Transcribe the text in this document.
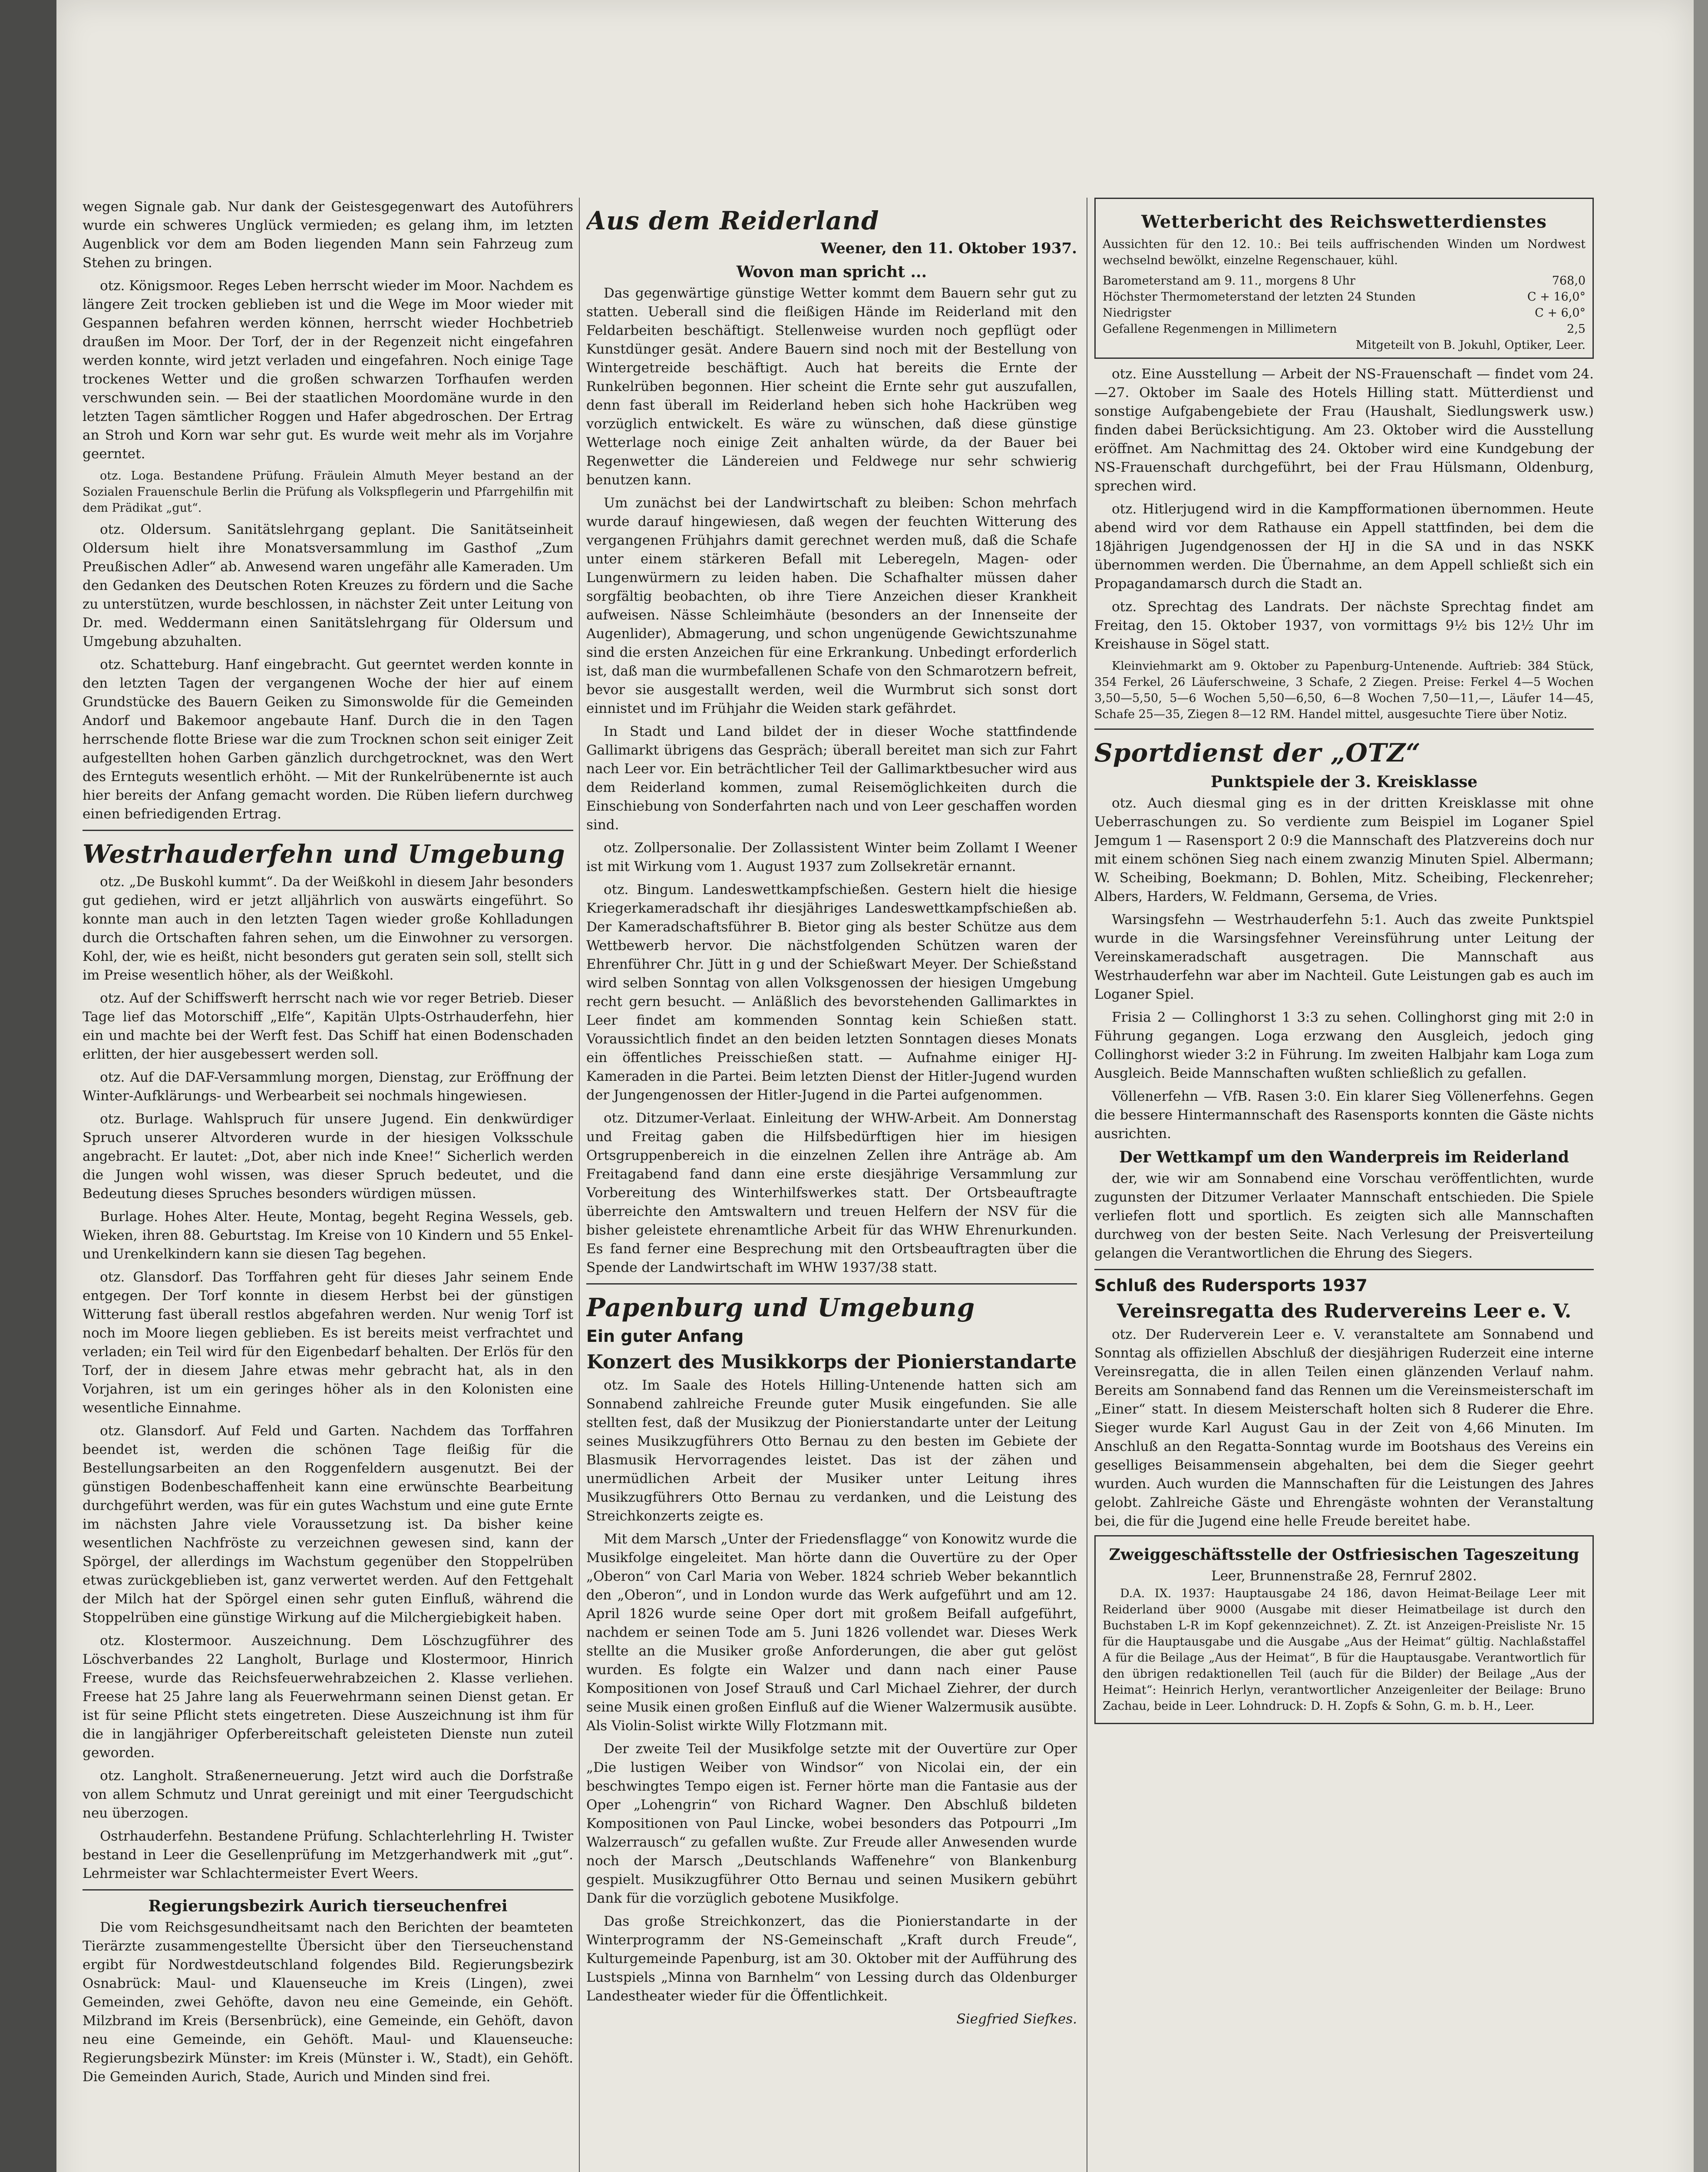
wegen Signale gab. Nur dank der Geistesgegenwart des Autoführers wurde ein schweres Unglück vermieden; es gelang ihm, im letzten Augenblick vor dem am Boden liegenden Mann sein Fahrzeug zum Stehen zu bringen.

otz. Königsmoor. Reges Leben herrscht wieder im Moor. Nachdem es längere Zeit trocken geblieben ist und die Wege im Moor wieder mit Gespannen befahren werden können, herrscht wieder Hochbetrieb draußen im Moor. Der Torf, der in der Regenzeit nicht eingefahren werden konnte, wird jetzt verladen und eingefahren. Noch einige Tage trockenes Wetter und die großen schwarzen Torfhaufen werden verschwunden sein. — Bei der staatlichen Moordomäne wurde in den letzten Tagen sämtlicher Roggen und Hafer abgedroschen. Der Ertrag an Stroh und Korn war sehr gut. Es wurde weit mehr als im Vorjahre geerntet.

otz. Loga. Bestandene Prüfung. Fräulein Almuth Meyer bestand an der Sozialen Frauenschule Berlin die Prüfung als Volkspflegerin und Pfarrgehilfin mit dem Prädikat „gut“.

otz. Oldersum. Sanitätslehrgang geplant. Die Sanitätseinheit Oldersum hielt ihre Monatsversammlung im Gasthof „Zum Preußischen Adler“ ab. Anwesend waren ungefähr alle Kameraden. Um den Gedanken des Deutschen Roten Kreuzes zu fördern und die Sache zu unterstützen, wurde beschlossen, in nächster Zeit unter Leitung von Dr. med. Weddermann einen Sanitätslehrgang für Oldersum und Umgebung abzuhalten.

otz. Schatteburg. Hanf eingebracht. Gut geerntet werden konnte in den letzten Tagen der vergangenen Woche der hier auf einem Grundstücke des Bauern Geiken zu Simonswolde für die Gemeinden Andorf und Bakemoor angebaute Hanf. Durch die in den Tagen herrschende flotte Briese war die zum Trocknen schon seit einiger Zeit aufgestellten hohen Garben gänzlich durchgetrocknet, was den Wert des Ernteguts wesentlich erhöht. — Mit der Runkelrübenernte ist auch hier bereits der Anfang gemacht worden. Die Rüben liefern durchweg einen befriedigenden Ertrag.

Westrhauderfehn und Umgebung

otz. „De Buskohl kummt“. Da der Weißkohl in diesem Jahr besonders gut gediehen, wird er jetzt alljährlich von auswärts eingeführt. So konnte man auch in den letzten Tagen wieder große Kohlladungen durch die Ortschaften fahren sehen, um die Einwohner zu versorgen. Kohl, der, wie es heißt, nicht besonders gut geraten sein soll, stellt sich im Preise wesentlich höher, als der Weißkohl.

otz. Auf der Schiffswerft herrscht nach wie vor reger Betrieb. Dieser Tage lief das Motorschiff „Elfe“, Kapitän Ulpts-Ostrhauderfehn, hier ein und machte bei der Werft fest. Das Schiff hat einen Bodenschaden erlitten, der hier ausgebessert werden soll.

otz. Auf die DAF-Versammlung morgen, Dienstag, zur Eröffnung der Winter-Aufklärungs- und Werbearbeit sei nochmals hingewiesen.

otz. Burlage. Wahlspruch für unsere Jugend. Ein denkwürdiger Spruch unserer Altvorderen wurde in der hiesigen Volksschule angebracht. Er lautet: „Dot, aber nich inde Knee!“ Sicherlich werden die Jungen wohl wissen, was dieser Spruch bedeutet, und die Bedeutung dieses Spruches besonders würdigen müssen.

Burlage. Hohes Alter. Heute, Montag, begeht Regina Wessels, geb. Wieken, ihren 88. Geburtstag. Im Kreise von 10 Kindern und 55 Enkel- und Urenkelkindern kann sie diesen Tag begehen.

otz. Glansdorf. Das Torffahren geht für dieses Jahr seinem Ende entgegen. Der Torf konnte in diesem Herbst bei der günstigen Witterung fast überall restlos abgefahren werden. Nur wenig Torf ist noch im Moore liegen geblieben. Es ist bereits meist verfrachtet und verladen; ein Teil wird für den Eigenbedarf behalten. Der Erlös für den Torf, der in diesem Jahre etwas mehr gebracht hat, als in den Vorjahren, ist um ein geringes höher als in den Kolonisten eine wesentliche Einnahme.

otz. Glansdorf. Auf Feld und Garten. Nachdem das Torffahren beendet ist, werden die schönen Tage fleißig für die Bestellungsarbeiten an den Roggenfeldern ausgenutzt. Bei der günstigen Bodenbeschaffenheit kann eine erwünschte Bearbeitung durchgeführt werden, was für ein gutes Wachstum und eine gute Ernte im nächsten Jahre viele Voraussetzung ist. Da bisher keine wesentlichen Nachfröste zu verzeichnen gewesen sind, kann der Spörgel, der allerdings im Wachstum gegenüber den Stoppelrüben etwas zurückgeblieben ist, ganz verwertet werden. Auf den Fettgehalt der Milch hat der Spörgel einen sehr guten Einfluß, während die Stoppelrüben eine günstige Wirkung auf die Milchergiebigkeit haben.

otz. Klostermoor. Auszeichnung. Dem Löschzugführer des Löschverbandes 22 Langholt, Burlage und Klostermoor, Hinrich Freese, wurde das Reichsfeuerwehrabzeichen 2. Klasse verliehen. Freese hat 25 Jahre lang als Feuerwehrmann seinen Dienst getan. Er ist für seine Pflicht stets eingetreten. Diese Auszeichnung ist ihm für die in langjähriger Opferbereitschaft geleisteten Dienste nun zuteil geworden.

otz. Langholt. Straßenerneuerung. Jetzt wird auch die Dorfstraße von allem Schmutz und Unrat gereinigt und mit einer Teergudschicht neu überzogen.

Ostrhauderfehn. Bestandene Prüfung. Schlachterlehrling H. Twister bestand in Leer die Gesellenprüfung im Metzgerhandwerk mit „gut“. Lehrmeister war Schlachtermeister Evert Weers.

Regierungsbezirk Aurich tierseuchenfrei

Die vom Reichsgesundheitsamt nach den Berichten der beamteten Tierärzte zusammengestellte Übersicht über den Tierseuchenstand ergibt für Nordwestdeutschland folgendes Bild. Regierungsbezirk Osnabrück: Maul- und Klauenseuche im Kreis (Lingen), zwei Gemeinden, zwei Gehöfte, davon neu eine Gemeinde, ein Gehöft. Milzbrand im Kreis (Bersenbrück), eine Gemeinde, ein Gehöft, davon neu eine Gemeinde, ein Gehöft. Maul- und Klauenseuche: Regierungsbezirk Münster: im Kreis (Münster i. W., Stadt), ein Gehöft. Die Gemeinden Aurich, Stade, Aurich und Minden sind frei.

Aus dem Reiderland
Weener, den 11. Oktober 1937.
Wovon man spricht ...

Das gegenwärtige günstige Wetter kommt dem Bauern sehr gut zu statten. Ueberall sind die fleißigen Hände im Reiderland mit den Feldarbeiten beschäftigt. Stellenweise wurden noch gepflügt oder Kunstdünger gesät. Andere Bauern sind noch mit der Bestellung von Wintergetreide beschäftigt. Auch hat bereits die Ernte der Runkelrüben begonnen. Hier scheint die Ernte sehr gut auszufallen, denn fast überall im Reiderland heben sich hohe Hackrüben weg vorzüglich entwickelt. Es wäre zu wünschen, daß diese günstige Wetterlage noch einige Zeit anhalten würde, da der Bauer bei Regenwetter die Ländereien und Feldwege nur sehr schwierig benutzen kann.

Um zunächst bei der Landwirtschaft zu bleiben: Schon mehrfach wurde darauf hingewiesen, daß wegen der feuchten Witterung des vergangenen Frühjahrs damit gerechnet werden muß, daß die Schafe unter einem stärkeren Befall mit Leberegeln, Magen- oder Lungenwürmern zu leiden haben. Die Schafhalter müssen daher sorgfältig beobachten, ob ihre Tiere Anzeichen dieser Krankheit aufweisen. Nässe Schleimhäute (besonders an der Innenseite der Augenlider), Abmagerung, und schon ungenügende Gewichtszunahme sind die ersten Anzeichen für eine Erkrankung. Unbedingt erforderlich ist, daß man die wurmbefallenen Schafe von den Schmarotzern befreit, bevor sie ausgestallt werden, weil die Wurmbrut sich sonst dort einnistet und im Frühjahr die Weiden stark gefährdet.

In Stadt und Land bildet der in dieser Woche stattfindende Gallimarkt übrigens das Gespräch; überall bereitet man sich zur Fahrt nach Leer vor. Ein beträchtlicher Teil der Gallimarktbesucher wird aus dem Reiderland kommen, zumal Reisemöglichkeiten durch die Einschiebung von Sonderfahrten nach und von Leer geschaffen worden sind.

otz. Zollpersonalie. Der Zollassistent Winter beim Zollamt I Weener ist mit Wirkung vom 1. August 1937 zum Zollsekretär ernannt.

otz. Bingum. Landeswettkampfschießen. Gestern hielt die hiesige Kriegerkameradschaft ihr diesjähriges Landeswettkampfschießen ab. Der Kameradschaftsführer B. Bietor ging als bester Schütze aus dem Wettbewerb hervor. Die nächstfolgenden Schützen waren der Ehrenführer Chr. Jütt in g und der Schießwart Meyer. Der Schießstand wird selben Sonntag von allen Volksgenossen der hiesigen Umgebung recht gern besucht. — Anläßlich des bevorstehenden Gallimarktes in Leer findet am kommenden Sonntag kein Schießen statt. Voraussichtlich findet an den beiden letzten Sonntagen dieses Monats ein öffentliches Preisschießen statt. — Aufnahme einiger HJ-Kameraden in die Partei. Beim letzten Dienst der Hitler-Jugend wurden der Jungengenossen der Hitler-Jugend in die Partei aufgenommen.

otz. Ditzumer-Verlaat. Einleitung der WHW-Arbeit. Am Donnerstag und Freitag gaben die Hilfsbedürftigen hier im hiesigen Ortsgruppenbereich in die einzelnen Zellen ihre Anträge ab. Am Freitagabend fand dann eine erste diesjährige Versammlung zur Vorbereitung des Winterhilfswerkes statt. Der Ortsbeauftragte überreichte den Amtswaltern und treuen Helfern der NSV für die bisher geleistete ehrenamtliche Arbeit für das WHW Ehrenurkunden. Es fand ferner eine Besprechung mit den Ortsbeauftragten über die Spende der Landwirtschaft im WHW 1937/38 statt.

Papenburg und Umgebung
Ein guter Anfang
Konzert des Musikkorps der Pionierstandarte

otz. Im Saale des Hotels Hilling-Untenende hatten sich am Sonnabend zahlreiche Freunde guter Musik eingefunden. Sie alle stellten fest, daß der Musikzug der Pionierstandarte unter der Leitung seines Musikzugführers Otto Bernau zu den besten im Gebiete der Blasmusik Hervorragendes leistet. Das ist der zähen und unermüdlichen Arbeit der Musiker unter Leitung ihres Musikzugführers Otto Bernau zu verdanken, und die Leistung des Streichkonzerts zeigte es.

Mit dem Marsch „Unter der Friedensflagge“ von Konowitz wurde die Musikfolge eingeleitet. Man hörte dann die Ouvertüre zu der Oper „Oberon“ von Carl Maria von Weber. 1824 schrieb Weber bekanntlich den „Oberon“, und in London wurde das Werk aufgeführt und am 12. April 1826 wurde seine Oper dort mit großem Beifall aufgeführt, nachdem er seinen Tode am 5. Juni 1826 vollendet war. Dieses Werk stellte an die Musiker große Anforderungen, die aber gut gelöst wurden. Es folgte ein Walzer und dann nach einer Pause Kompositionen von Josef Strauß und Carl Michael Ziehrer, der durch seine Musik einen großen Einfluß auf die Wiener Walzermusik ausübte. Als Violin-Solist wirkte Willy Flotzmann mit.

Der zweite Teil der Musikfolge setzte mit der Ouvertüre zur Oper „Die lustigen Weiber von Windsor“ von Nicolai ein, der ein beschwingtes Tempo eigen ist. Ferner hörte man die Fantasie aus der Oper „Lohengrin“ von Richard Wagner. Den Abschluß bildeten Kompositionen von Paul Lincke, wobei besonders das Potpourri „Im Walzerrausch“ zu gefallen wußte. Zur Freude aller Anwesenden wurde noch der Marsch „Deutschlands Waffenehre“ von Blankenburg gespielt. Musikzugführer Otto Bernau und seinen Musikern gebührt Dank für die vorzüglich gebotene Musikfolge.

Das große Streichkonzert, das die Pionierstandarte in der Winterprogramm der NS-Gemeinschaft „Kraft durch Freude“, Kulturgemeinde Papenburg, ist am 30. Oktober mit der Aufführung des Lustspiels „Minna von Barnhelm“ von Lessing durch das Oldenburger Landestheater wieder für die Öffentlichkeit.

Siegfried Siefkes.
Wetterbericht des Reichswetterdienstes

Aussichten für den 12. 10.: Bei teils auffrischenden Winden um Nordwest wechselnd bewölkt, einzelne Regenschauer, kühl.

Barometerstand am 9. 11., morgens 8 Uhr	768,0
Höchster Thermometerstand der letzten 24 Stunden	C + 16,0°
Niedrigster	C + 6,0°
Gefallene Regenmengen in Millimetern	2,5
Mitgeteilt von B. Jokuhl, Optiker, Leer.

otz. Eine Ausstellung — Arbeit der NS-Frauenschaft — findet vom 24.—27. Oktober im Saale des Hotels Hilling statt. Mütterdienst und sonstige Aufgabengebiete der Frau (Haushalt, Siedlungswerk usw.) finden dabei Berücksichtigung. Am 23. Oktober wird die Ausstellung eröffnet. Am Nachmittag des 24. Oktober wird eine Kundgebung der NS-Frauenschaft durchgeführt, bei der Frau Hülsmann, Oldenburg, sprechen wird.

otz. Hitlerjugend wird in die Kampfformationen übernommen. Heute abend wird vor dem Rathause ein Appell stattfinden, bei dem die 18jährigen Jugendgenossen der HJ in die SA und in das NSKK übernommen werden. Die Übernahme, an dem Appell schließt sich ein Propagandamarsch durch die Stadt an.

otz. Sprechtag des Landrats. Der nächste Sprechtag findet am Freitag, den 15. Oktober 1937, von vormittags 9½ bis 12½ Uhr im Kreishause in Sögel statt.

Kleinviehmarkt am 9. Oktober zu Papenburg-Untenende. Auftrieb: 384 Stück, 354 Ferkel, 26 Läuferschweine, 3 Schafe, 2 Ziegen. Preise: Ferkel 4—5 Wochen 3,50—5,50, 5—6 Wochen 5,50—6,50, 6—8 Wochen 7,50—11,—, Läufer 14—45, Schafe 25—35, Ziegen 8—12 RM. Handel mittel, ausgesuchte Tiere über Notiz.

Sportdienst der „OTZ“
Punktspiele der 3. Kreisklasse

otz. Auch diesmal ging es in der dritten Kreisklasse mit ohne Ueberraschungen zu. So verdiente zum Beispiel im Loganer Spiel Jemgum 1 — Rasensport 2 0:9 die Mannschaft des Platzvereins doch nur mit einem schönen Sieg nach einem zwanzig Minuten Spiel. Albermann; W. Scheibing, Boekmann; D. Bohlen, Mitz. Scheibing, Fleckenreher; Albers, Harders, W. Feldmann, Gersema, de Vries.

Warsingsfehn — Westrhauderfehn 5:1. Auch das zweite Punktspiel wurde in die Warsingsfehner Vereinsführung unter Leitung der Vereinskameradschaft ausgetragen. Die Mannschaft aus Westrhauderfehn war aber im Nachteil. Gute Leistungen gab es auch im Loganer Spiel.

Frisia 2 — Collinghorst 1 3:3 zu sehen. Collinghorst ging mit 2:0 in Führung gegangen. Loga erzwang den Ausgleich, jedoch ging Collinghorst wieder 3:2 in Führung. Im zweiten Halbjahr kam Loga zum Ausgleich. Beide Mannschaften wußten schließlich zu gefallen.

Völlenerfehn — VfB. Rasen 3:0. Ein klarer Sieg Völlenerfehns. Gegen die bessere Hintermannschaft des Rasensports konnten die Gäste nichts ausrichten.

Der Wettkampf um den Wanderpreis im Reiderland

der, wie wir am Sonnabend eine Vorschau veröffentlichten, wurde zugunsten der Ditzumer Verlaater Mannschaft entschieden. Die Spiele verliefen flott und sportlich. Es zeigten sich alle Mannschaften durchweg von der besten Seite. Nach Verlesung der Preisverteilung gelangen die Verantwortlichen die Ehrung des Siegers.

Schluß des Rudersports 1937
Vereinsregatta des Rudervereins Leer e. V.

otz. Der Ruderverein Leer e. V. veranstaltete am Sonnabend und Sonntag als offiziellen Abschluß der diesjährigen Ruderzeit eine interne Vereinsregatta, die in allen Teilen einen glänzenden Verlauf nahm. Bereits am Sonnabend fand das Rennen um die Vereinsmeisterschaft im „Einer“ statt. In diesem Meisterschaft holten sich 8 Ruderer die Ehre. Sieger wurde Karl August Gau in der Zeit von 4,66 Minuten. Im Anschluß an den Regatta-Sonntag wurde im Bootshaus des Vereins ein geselliges Beisammensein abgehalten, bei dem die Sieger geehrt wurden. Auch wurden die Mannschaften für die Leistungen des Jahres gelobt. Zahlreiche Gäste und Ehrengäste wohnten der Veranstaltung bei, die für die Jugend eine helle Freude bereitet habe.

Zweiggeschäftsstelle der Ostfriesischen Tageszeitung
Leer, Brunnenstraße 28, Fernruf 2802.

D.A. IX. 1937: Hauptausgabe 24 186, davon Heimat-Beilage Leer mit Reiderland über 9000 (Ausgabe mit dieser Heimatbeilage ist durch den Buchstaben L-R im Kopf gekennzeichnet). Z. Zt. ist Anzeigen-Preisliste Nr. 15 für die Hauptausgabe und die Ausgabe „Aus der Heimat“ gültig. Nachlaßstaffel A für die Beilage „Aus der Heimat“, B für die Hauptausgabe. Verantwortlich für den übrigen redaktionellen Teil (auch für die Bilder) der Beilage „Aus der Heimat“: Heinrich Herlyn, verantwortlicher Anzeigenleiter der Beilage: Bruno Zachau, beide in Leer. Lohndruck: D. H. Zopfs & Sohn, G. m. b. H., Leer.
